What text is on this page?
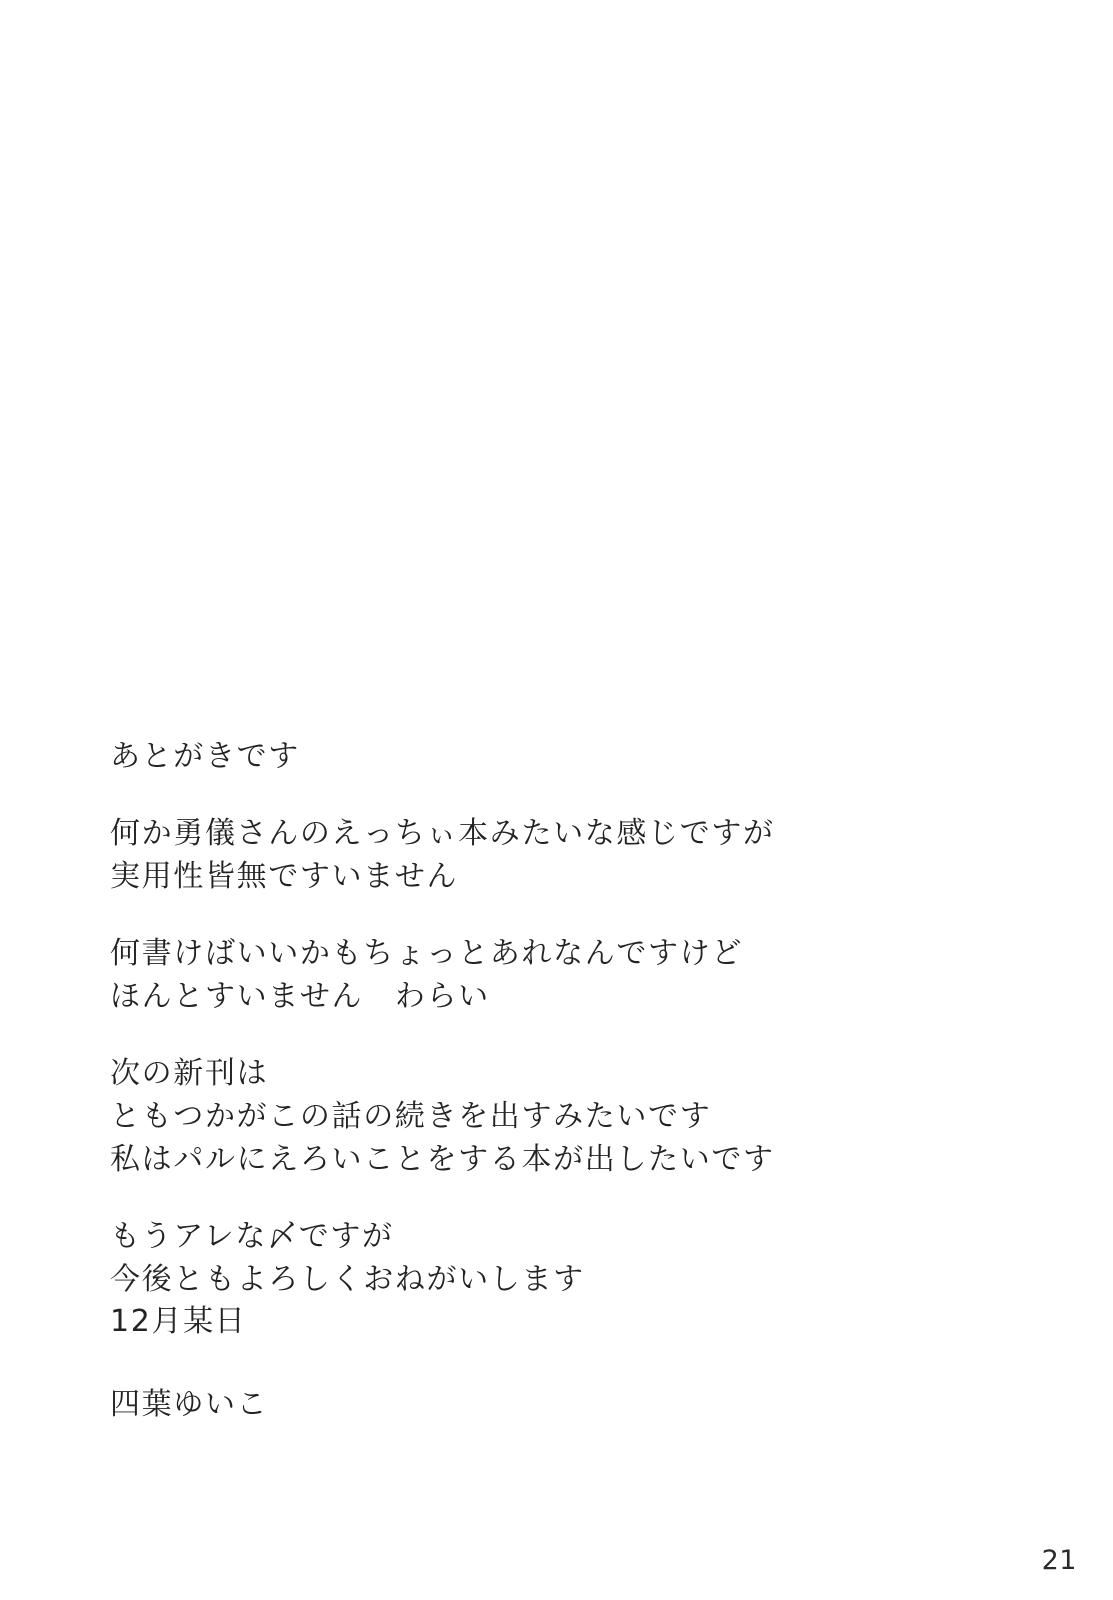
あとがきです
何か勇儀さんのえっちぃ本みたいな感じですが
実用性皆無ですいません
何書けばいいかもちょっとあれなんですけど
ほんとすいません　わらい
次の新刊は
ともつかがこの話の続きを出すみたいです
私はパルにえろいことをする本が出したいです
もうアレな〆ですが
今後ともよろしくおねがいします
12月某日
四葉ゆいこ
21
